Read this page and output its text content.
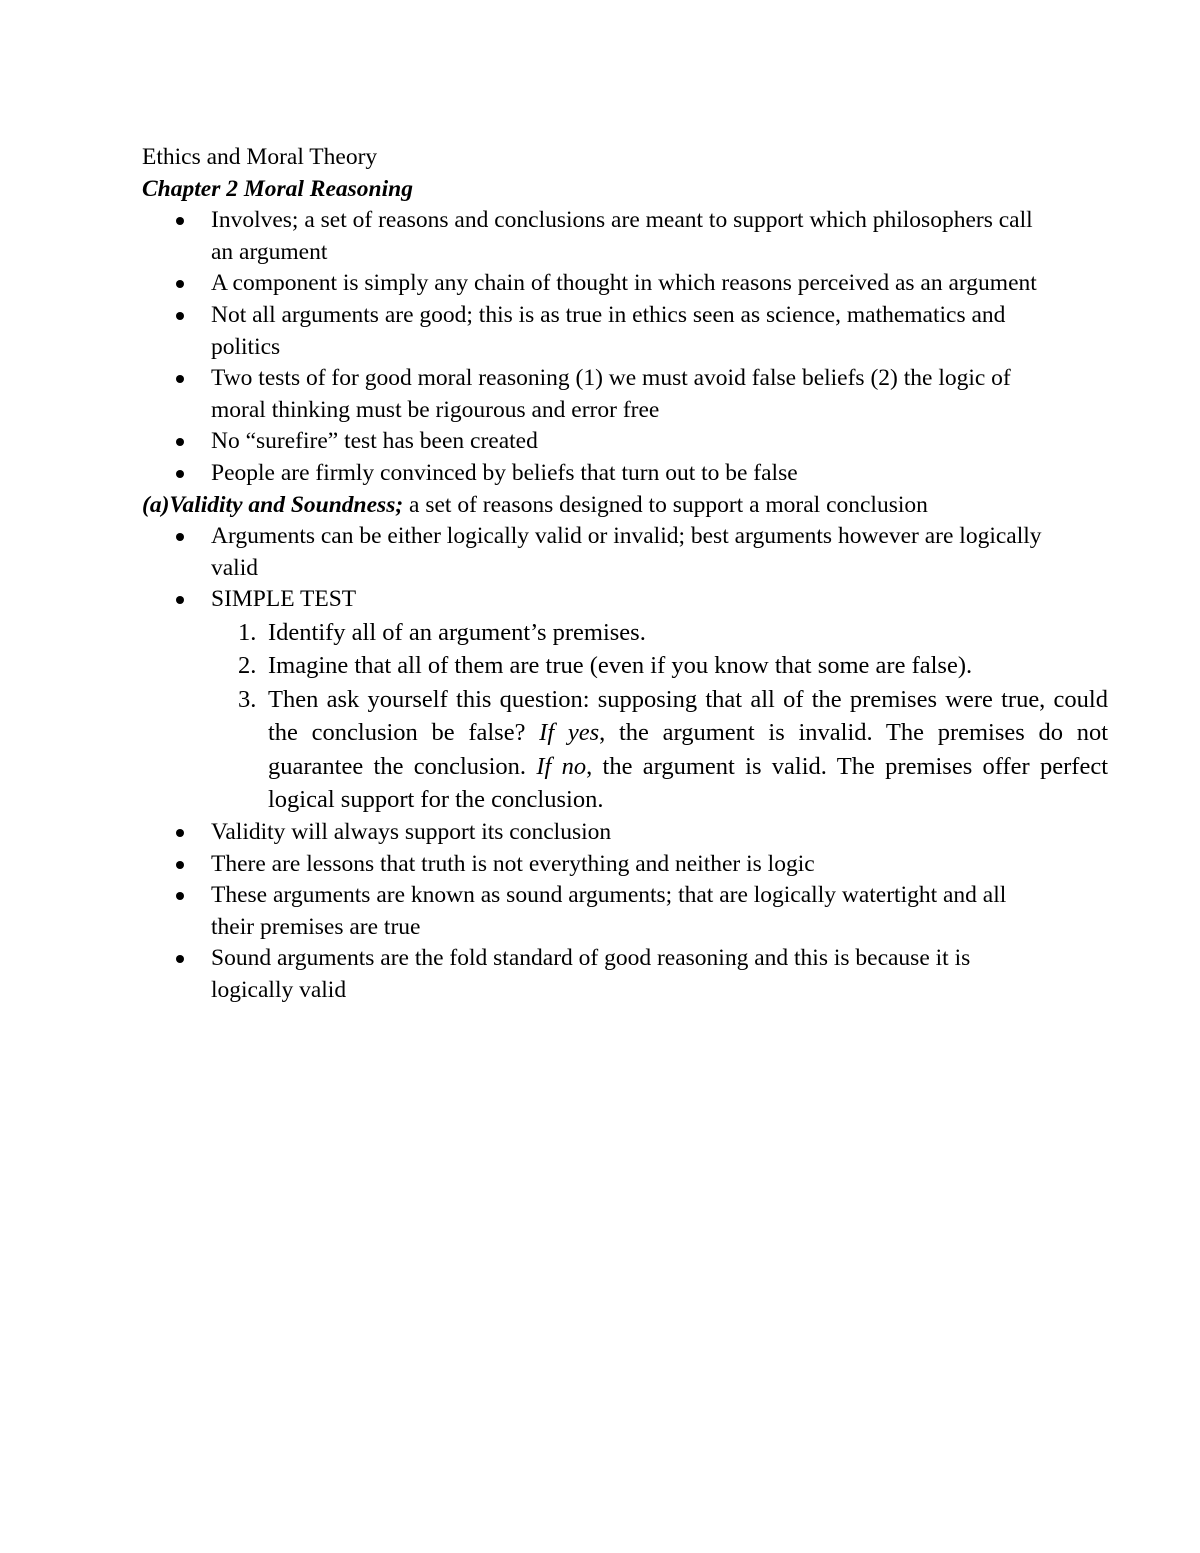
Ethics and Moral Theory
Chapter 2 Moral Reasoning
Involves; a set of reasons and conclusions are meant to support which philosophers call an argument
A component is simply any chain of thought in which reasons perceived as an argument
Not all arguments are good; this is as true in ethics seen as science, mathematics and politics
Two tests of for good moral reasoning (1) we must avoid false beliefs (2) the logic of moral thinking must be rigourous and error free
No “surefire” test has been created
People are firmly convinced by beliefs that turn out to be false
(a)Validity and Soundness; a set of reasons designed to support a moral conclusion
Arguments can be either logically valid or invalid; best arguments however are logically valid
SIMPLE TEST
1. Identify all of an argument’s premises.
2. Imagine that all of them are true (even if you know that some are false).
3. Then ask yourself this question: supposing that all of the premises were true, could the conclusion be false? If yes, the argument is invalid. The premises do not guarantee the conclusion. If no, the argument is valid. The premises offer perfect logical support for the conclusion.
Validity will always support its conclusion
There are lessons that truth is not everything and neither is logic
These arguments are known as sound arguments; that are logically watertight and all their premises are true
Sound arguments are the fold standard of good reasoning and this is because it is logically valid
